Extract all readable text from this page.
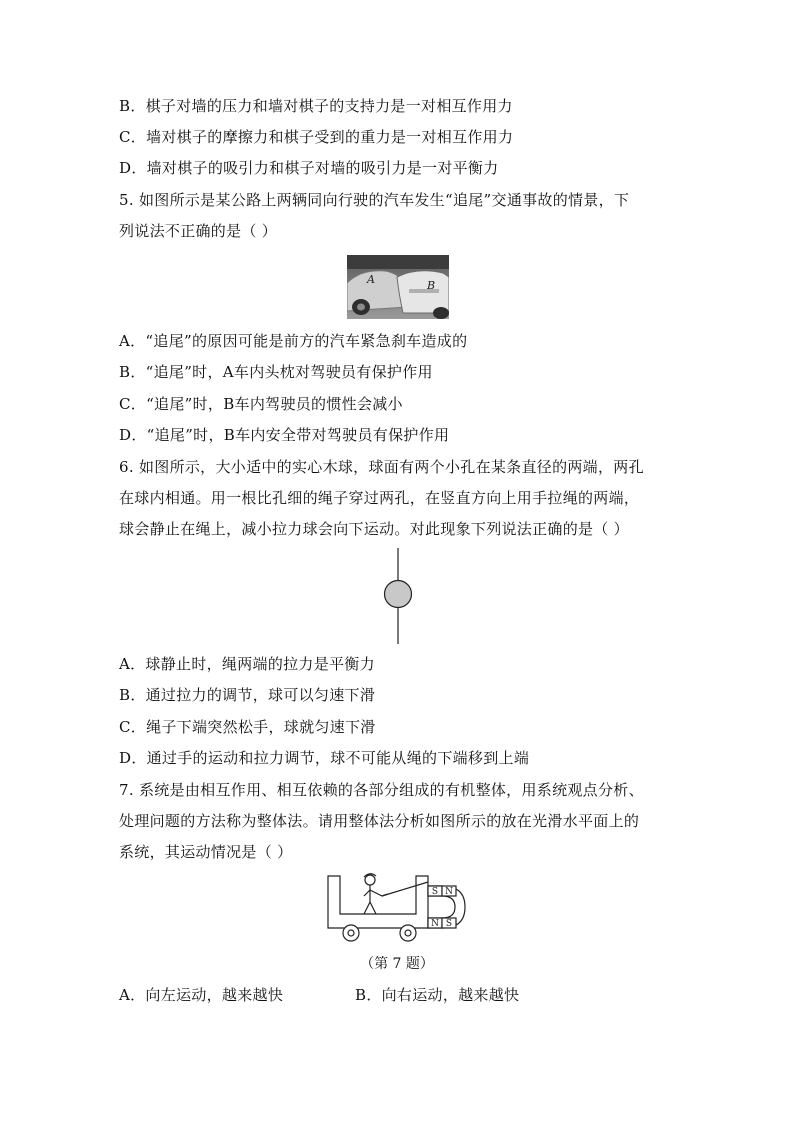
B．棋子对墙的压力和墙对棋子的支持力是一对相互作用力
C．墙对棋子的摩擦力和棋子受到的重力是一对相互作用力
D．墙对棋子的吸引力和棋子对墙的吸引力是一对平衡力
5. 如图所示是某公路上两辆同向行驶的汽车发生“追尾”交通事故的情景，下
列说法不正确的是（ ）
A	B
A．“追尾”的原因可能是前方的汽车紧急刹车造成的
B．“追尾”时，A车内头枕对驾驶员有保护作用
C．“追尾”时，B车内驾驶员的惯性会减小
D．“追尾”时，B车内安全带对驾驶员有保护作用
6. 如图所示，大小适中的实心木球，球面有两个小孔在某条直径的两端，两孔
在球内相通。用一根比孔细的绳子穿过两孔，在竖直方向上用手拉绳的两端，
球会静止在绳上，减小拉力球会向下运动。对此现象下列说法正确的是（ ）
A．球静止时，绳两端的拉力是平衡力
B．通过拉力的调节，球可以匀速下滑
C．绳子下端突然松手，球就匀速下滑
D．通过手的运动和拉力调节，球不可能从绳的下端移到上端
7. 系统是由相互作用、相互依赖的各部分组成的有机整体，用系统观点分析、
处理问题的方法称为整体法。请用整体法分析如图所示的放在光滑水平面上的
系统，其运动情况是（ ）
S N
N S
（第 7 题）
A．向左运动，越来越快	B．向右运动，越来越快
